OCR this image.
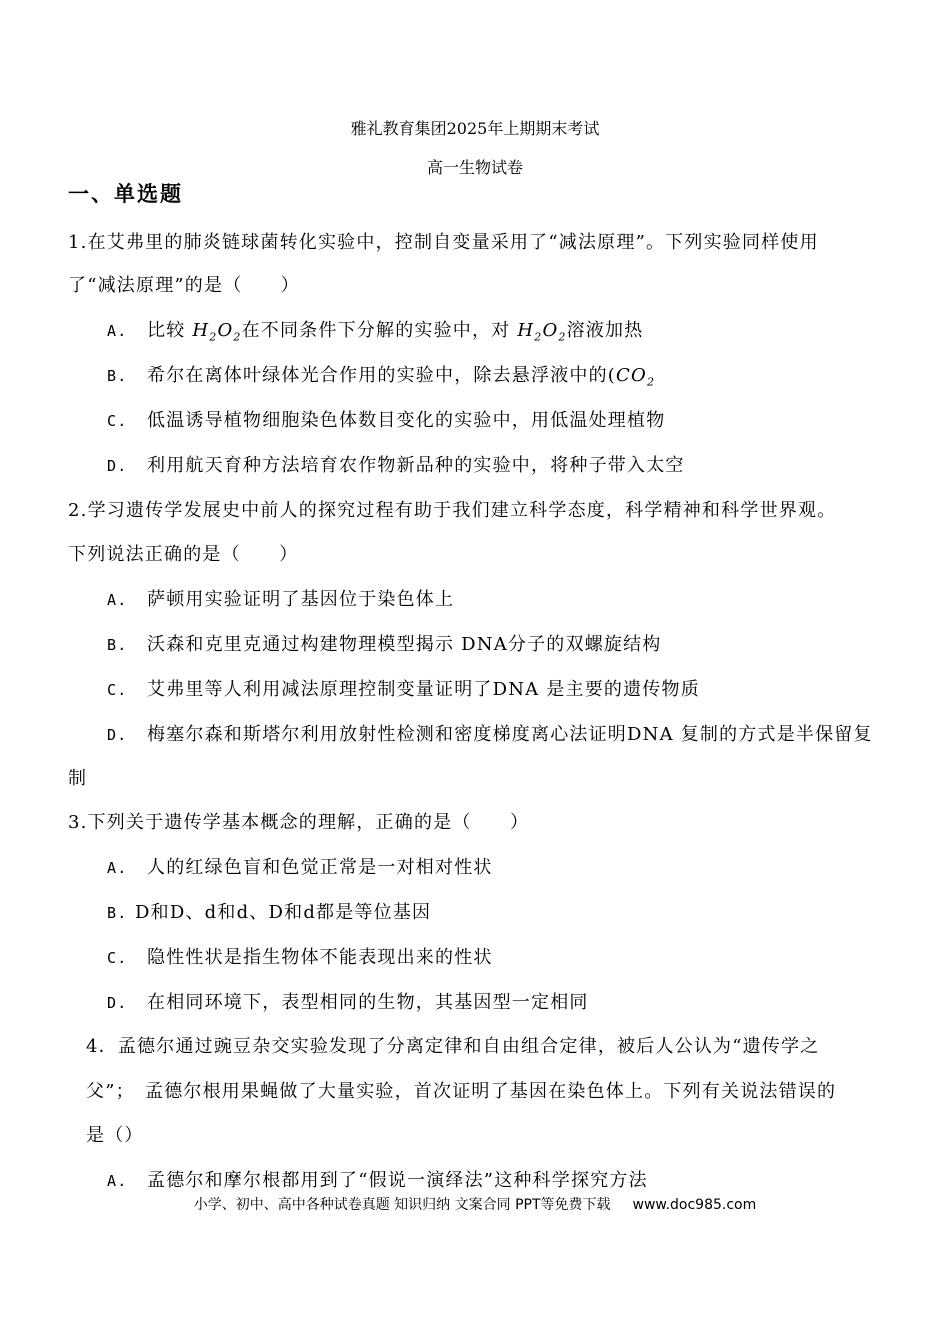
雅礼教育集团2025年上期期末考试
高一生物试卷
一、单选题
1.在艾弗里的肺炎链球菌转化实验中，控制自变量采用了“减法原理”。下列实验同样使用
了“减法原理”的是（　　）
A. 比较 $H_2O_2$在不同条件下分解的实验中，对 $H_2O_2$溶液加热
B. 希尔在离体叶绿体光合作用的实验中，除去悬浮液中的($CO_2$
C. 低温诱导植物细胞染色体数目变化的实验中，用低温处理植物
D. 利用航天育种方法培育农作物新品种的实验中，将种子带入太空
2.学习遗传学发展史中前人的探究过程有助于我们建立科学态度，科学精神和科学世界观。
下列说法正确的是（　　）
A. 萨顿用实验证明了基因位于染色体上
B. 沃森和克里克通过构建物理模型揭示 DNA分子的双螺旋结构
C. 艾弗里等人利用减法原理控制变量证明了DNA 是主要的遗传物质
D. 梅塞尔森和斯塔尔利用放射性检测和密度梯度离心法证明DNA 复制的方式是半保留复
制
3.下列关于遗传学基本概念的理解，正确的是（　　）
A. 人的红绿色盲和色觉正常是一对相对性状
B. D和D、d和d、D和d都是等位基因
C. 隐性性状是指生物体不能表现出来的性状
D. 在相同环境下，表型相同的生物，其基因型一定相同
4．孟德尔通过豌豆杂交实验发现了分离定律和自由组合定律，被后人公认为“遗传学之
父”；　孟德尔根用果蝇做了大量实验，首次证明了基因在染色体上。下列有关说法错误的
是（）
A. 孟德尔和摩尔根都用到了“假说一演绎法”这种科学探究方法
小学、初中、高中各种试卷真题 知识归纳 文案合同 PPT等免费下载 www.doc985.com
